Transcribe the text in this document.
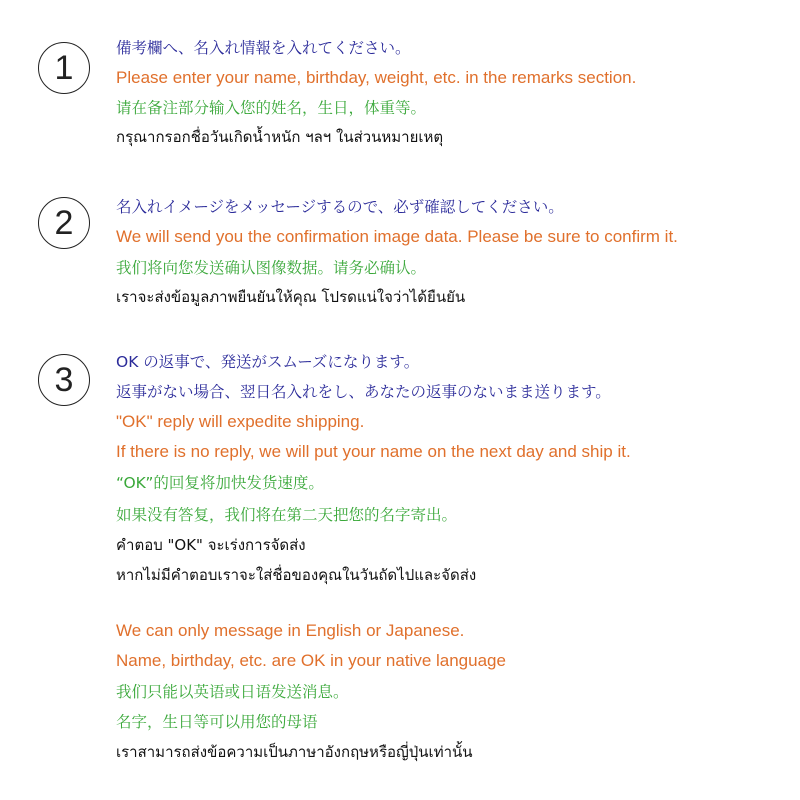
1
備考欄へ、名入れ情報を入れてください。
Please enter your name, birthday, weight, etc. in the remarks section.
请在备注部分输入您的姓名，生日，体重等。
กรุณากรอกชื่อวันเกิดน้ำหนัก ฯลฯ ในส่วนหมายเหตุ
2	名入れイメージをメッセージするので、必ず確認してください。
We will send you the confirmation image data. Please be sure to confirm it.
我们将向您发送确认图像数据。请务必确认。
เราจะส่งข้อมูลภาพยืนยันให้คุณ โปรดแน่ใจว่าได้ยืนยัน
3	OK の返事で、発送がスムーズになります。
返事がない場合、翌日名入れをし、あなたの返事のないまま送ります。
"OK" reply will expedite shipping.
If there is no reply, we will put your name on the next day and ship it.
“OK”的回复将加快发货速度。
如果没有答复，我们将在第二天把您的名字寄出。
คำตอบ "OK" จะเร่งการจัดส่ง
หากไม่มีคำตอบเราจะใส่ชื่อของคุณในวันถัดไปและจัดส่ง
We can only message in English or Japanese.
Name, birthday, etc. are OK in your native language
我们只能以英语或日语发送消息。
名字，生日等可以用您的母语
เราสามารถส่งข้อความเป็นภาษาอังกฤษหรือญี่ปุ่นเท่านั้น
